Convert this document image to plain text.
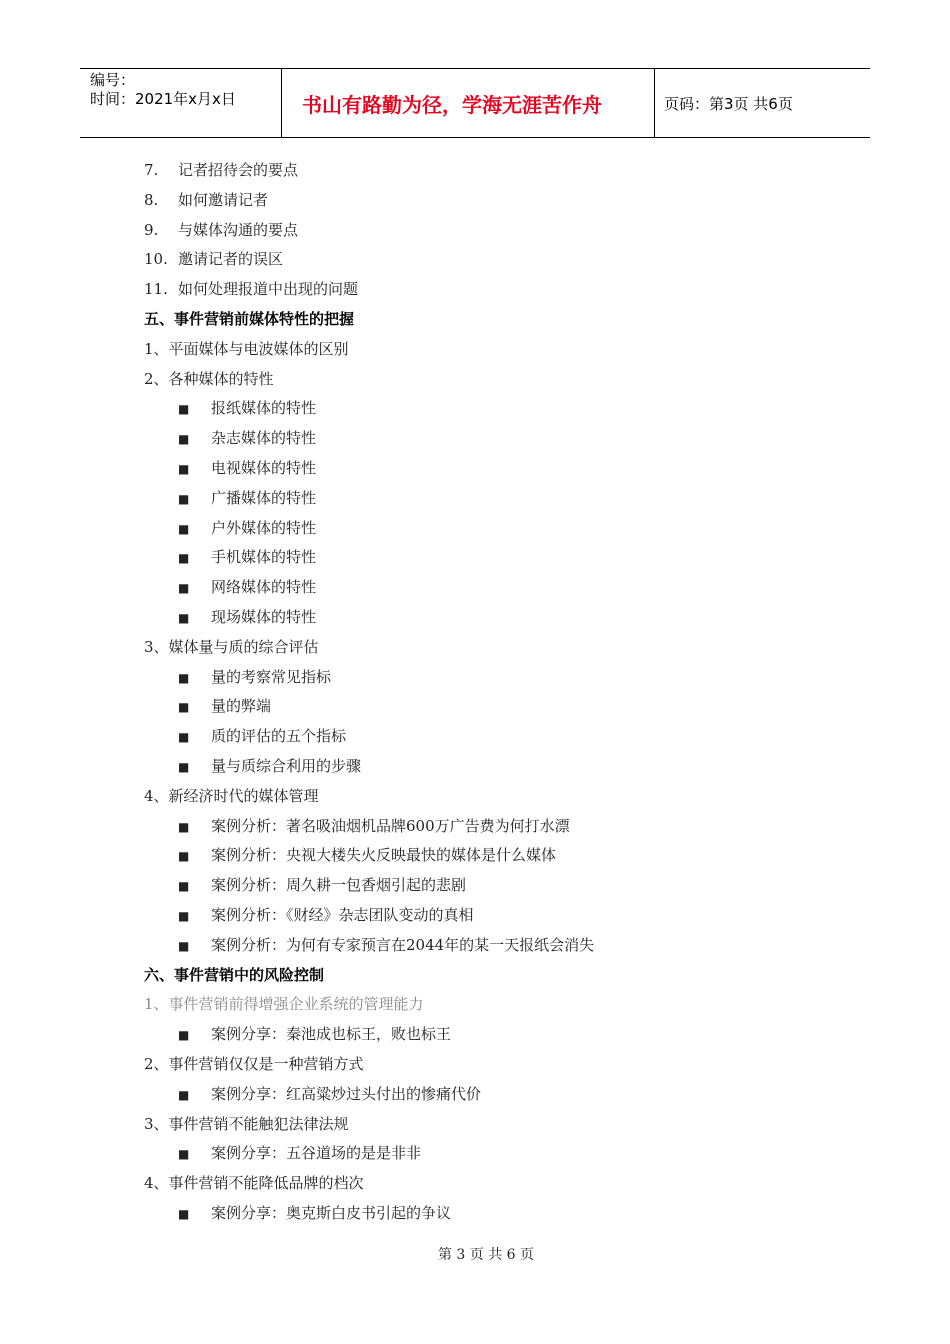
编号：
时间：2021年x月x日	书山有路勤为径，学海无涯苦作舟	页码：第3页 共6页
7. 记者招待会的要点
8. 如何邀请记者
9. 与媒体沟通的要点
10. 邀请记者的误区
11. 如何处理报道中出现的问题
五、事件营销前媒体特性的把握
1、平面媒体与电波媒体的区别
2、各种媒体的特性
■ 报纸媒体的特性
■ 杂志媒体的特性
■ 电视媒体的特性
■ 广播媒体的特性
■ 户外媒体的特性
■ 手机媒体的特性
■ 网络媒体的特性
■ 现场媒体的特性
3、媒体量与质的综合评估
■ 量的考察常见指标
■ 量的弊端
■ 质的评估的五个指标
■ 量与质综合利用的步骤
4、新经济时代的媒体管理
■ 案例分析：著名吸油烟机品牌600万广告费为何打水漂
■ 案例分析：央视大楼失火反映最快的媒体是什么媒体
■ 案例分析：周久耕一包香烟引起的悲剧
■ 案例分析：《财经》杂志团队变动的真相
■ 案例分析：为何有专家预言在2044年的某一天报纸会消失
六、事件营销中的风险控制
1、事件营销前得增强企业系统的管理能力
■ 案例分享：秦池成也标王，败也标王
2、事件营销仅仅是一种营销方式
■ 案例分享：红高粱炒过头付出的惨痛代价
3、事件营销不能触犯法律法规
■ 案例分享：五谷道场的是是非非
4、事件营销不能降低品牌的档次
■ 案例分享：奥克斯白皮书引起的争议
第 3 页 共 6 页
